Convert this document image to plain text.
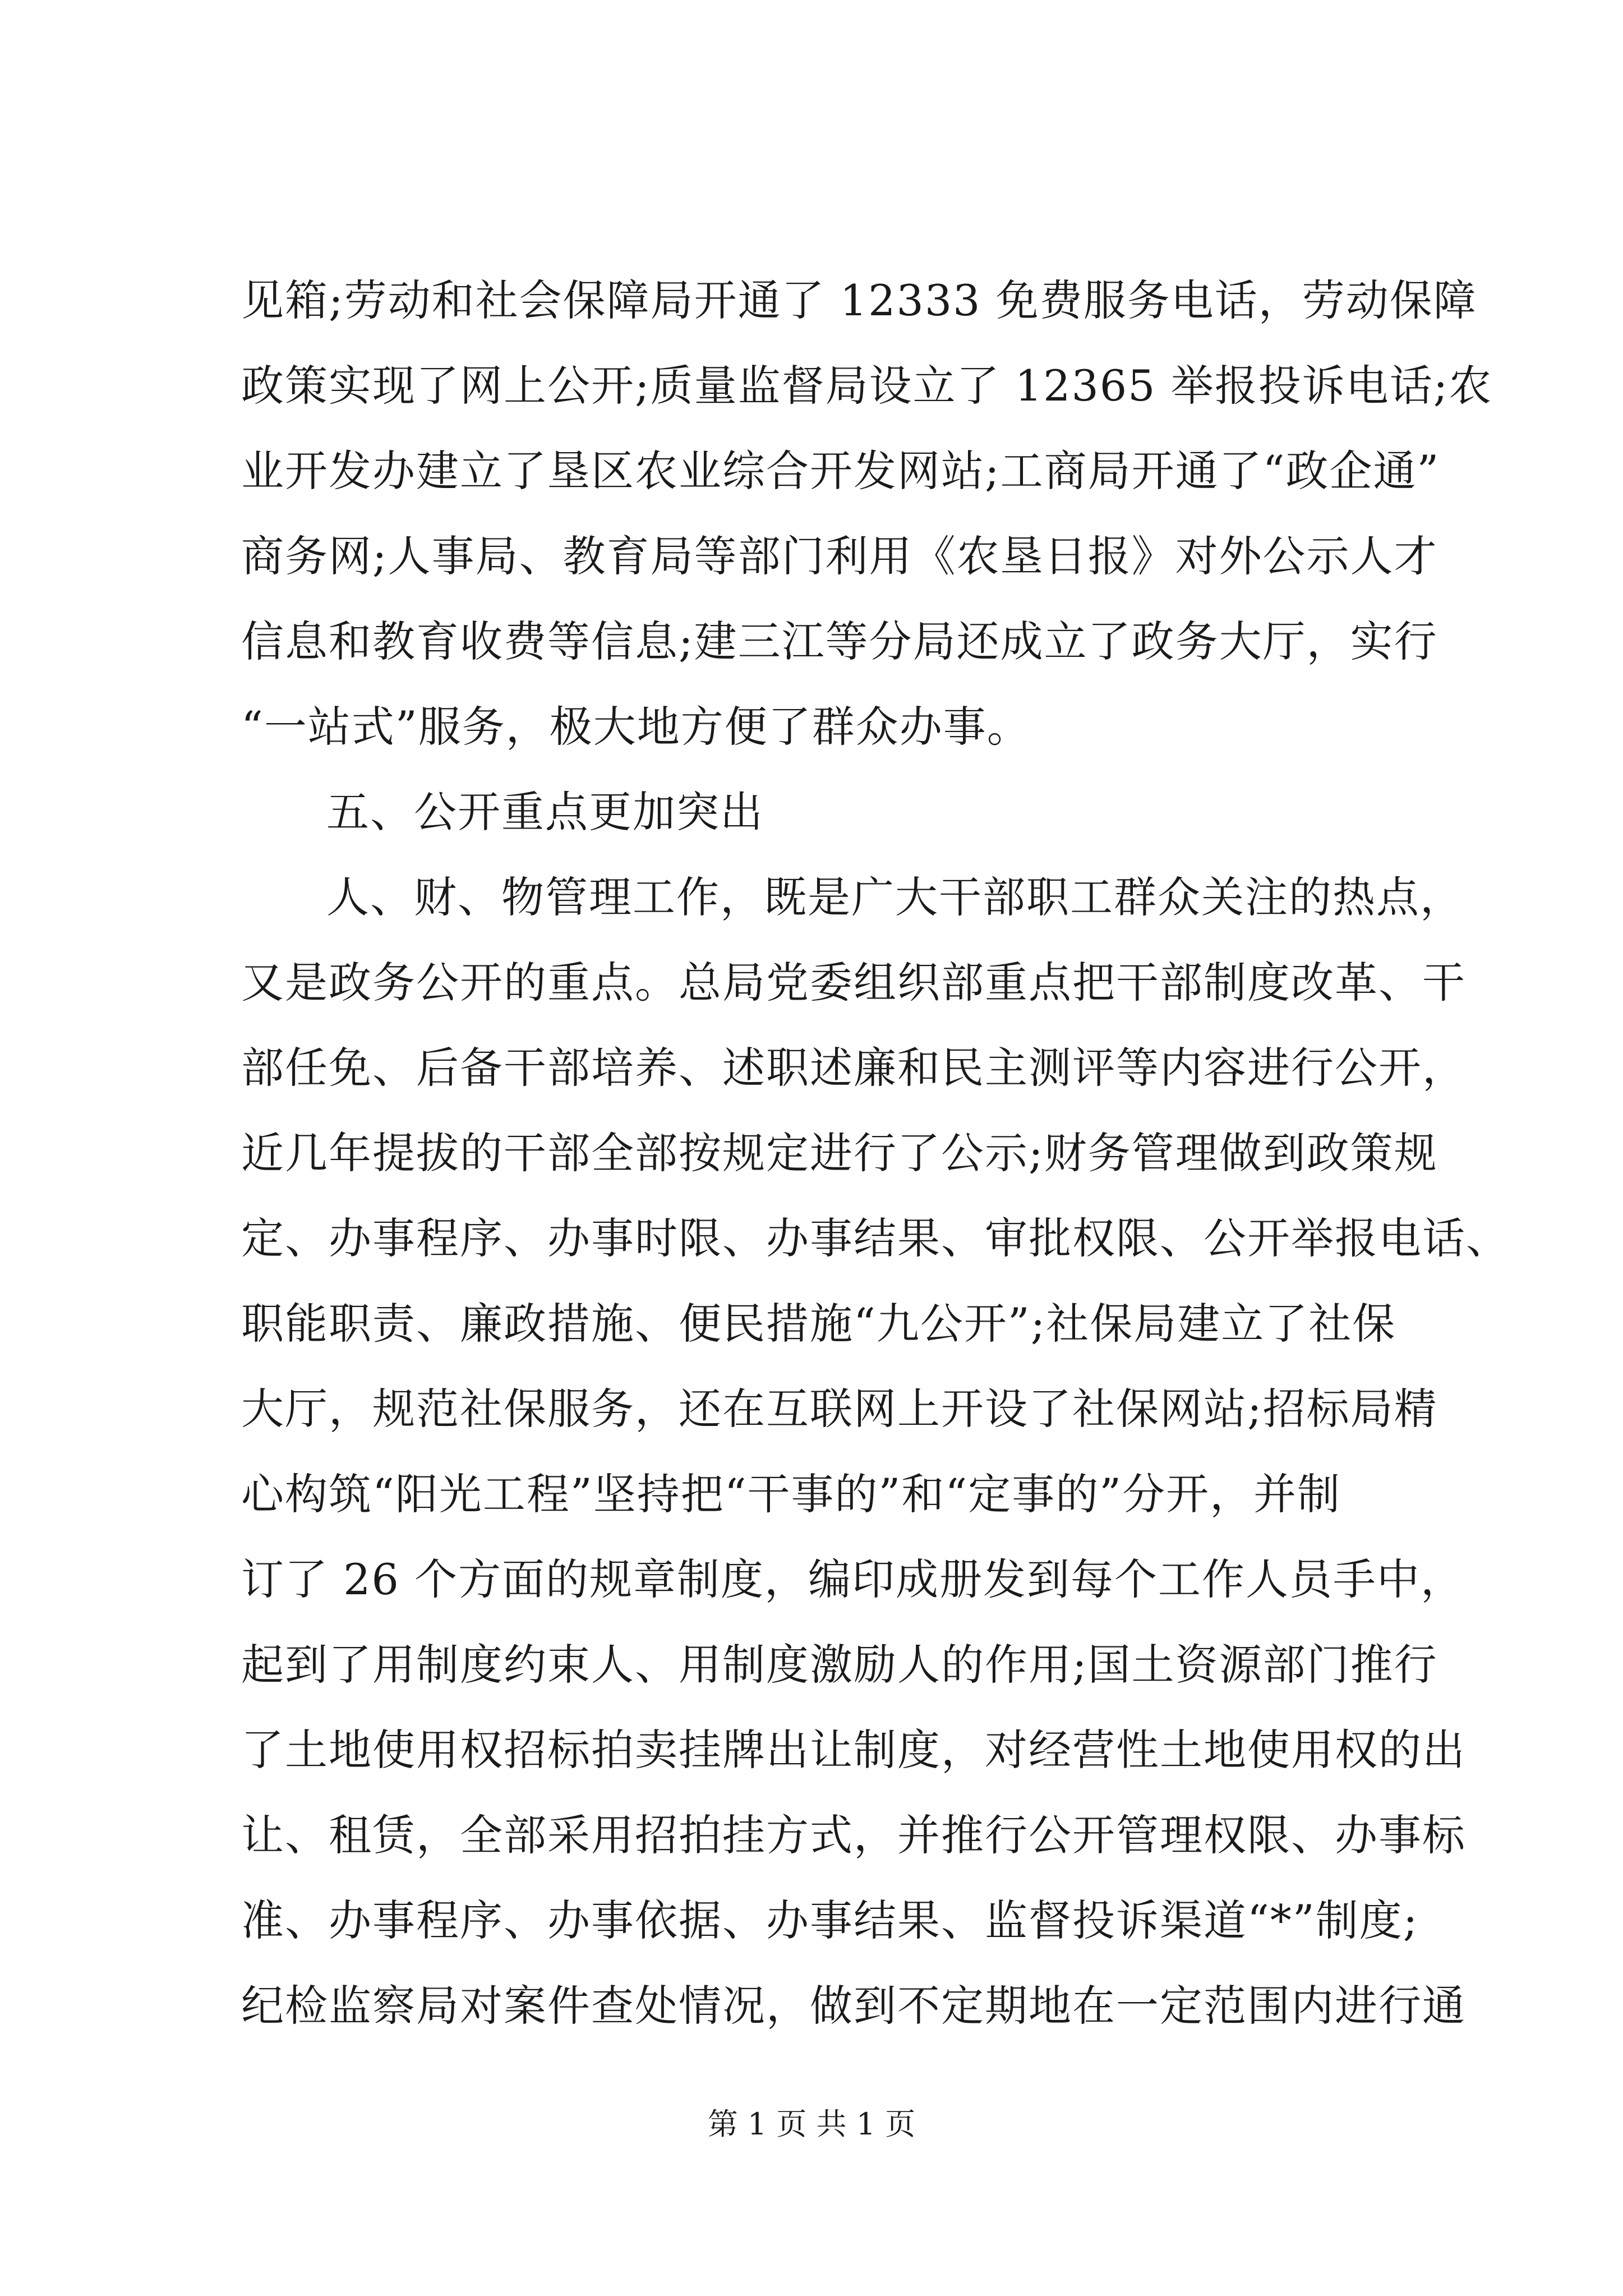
见箱;劳动和社会保障局开通了 12333 免费服务电话，劳动保障
政策实现了网上公开;质量监督局设立了 12365 举报投诉电话;农
业开发办建立了垦区农业综合开发网站;工商局开通了“政企通”
商务网;人事局、教育局等部门利用《农垦日报》对外公示人才
信息和教育收费等信息;建三江等分局还成立了政务大厅，实行
“一站式”服务，极大地方便了群众办事。
五、公开重点更加突出
人、财、物管理工作，既是广大干部职工群众关注的热点，
又是政务公开的重点。总局党委组织部重点把干部制度改革、干
部任免、后备干部培养、述职述廉和民主测评等内容进行公开，
近几年提拔的干部全部按规定进行了公示;财务管理做到政策规
定、办事程序、办事时限、办事结果、审批权限、公开举报电话、
职能职责、廉政措施、便民措施“九公开”;社保局建立了社保
大厅，规范社保服务，还在互联网上开设了社保网站;招标局精
心构筑“阳光工程”坚持把“干事的”和“定事的”分开，并制
订了 26 个方面的规章制度，编印成册发到每个工作人员手中，
起到了用制度约束人、用制度激励人的作用;国土资源部门推行
了土地使用权招标拍卖挂牌出让制度，对经营性土地使用权的出
让、租赁，全部采用招拍挂方式，并推行公开管理权限、办事标
准、办事程序、办事依据、办事结果、监督投诉渠道“*”制度;
纪检监察局对案件查处情况，做到不定期地在一定范围内进行通
第 1 页 共 1 页
